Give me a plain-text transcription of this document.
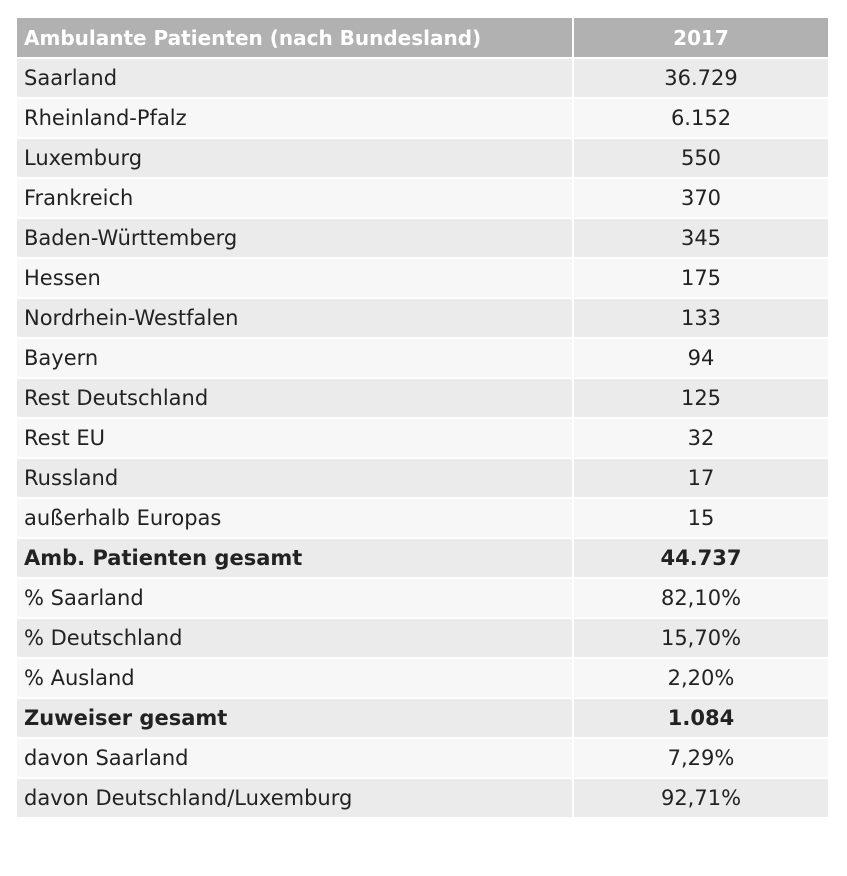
Ambulante Patienten (nach Bundesland)	2017
Saarland	36.729
Rheinland-Pfalz	6.152
Luxemburg	550
Frankreich	370
Baden-Württemberg	345
Hessen	175
Nordrhein-Westfalen	133
Bayern	94
Rest Deutschland	125
Rest EU	32
Russland	17
außerhalb Europas	15
Amb. Patienten gesamt	44.737
% Saarland	82,10%
% Deutschland	15,70%
% Ausland	2,20%
Zuweiser gesamt	1.084
davon Saarland	7,29%
davon Deutschland/Luxemburg	92,71%
